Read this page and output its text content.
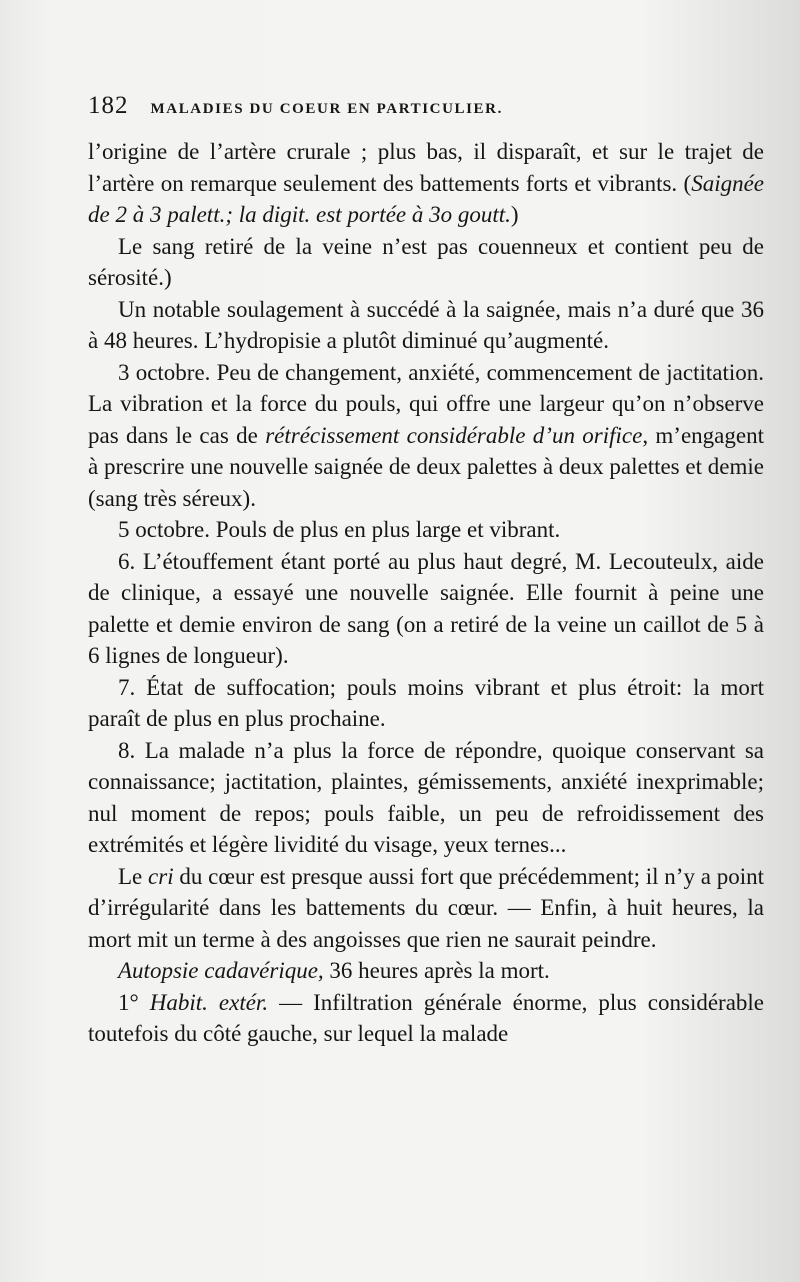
182 MALADIES DU COEUR EN PARTICULIER.

l’origine de l’artère crurale ; plus bas, il disparaît, et sur le trajet de l’artère on remarque seulement des battements forts et vibrants. (Saignée de 2 à 3 palett.; la digit. est portée à 3o goutt.)

Le sang retiré de la veine n’est pas couenneux et contient peu de sérosité.)

Un notable soulagement à succédé à la saignée, mais n’a duré que 36 à 48 heures. L’hydropisie a plutôt diminué qu’augmenté.

3 octobre. Peu de changement, anxiété, commencement de jactitation. La vibration et la force du pouls, qui offre une largeur qu’on n’observe pas dans le cas de rétrécissement considérable d’un orifice, m’engagent à prescrire une nouvelle saignée de deux palettes à deux palettes et demie (sang très séreux).

5 octobre. Pouls de plus en plus large et vibrant.

6. L’étouffement étant porté au plus haut degré, M. Lecouteulx, aide de clinique, a essayé une nouvelle saignée. Elle fournit à peine une palette et demie environ de sang (on a retiré de la veine un caillot de 5 à 6 lignes de longueur).

7. État de suffocation; pouls moins vibrant et plus étroit: la mort paraît de plus en plus prochaine.

8. La malade n’a plus la force de répondre, quoique conservant sa connaissance; jactitation, plaintes, gémissements, anxiété inexprimable; nul moment de repos; pouls faible, un peu de refroidissement des extrémités et légère lividité du visage, yeux ternes...

Le cri du cœur est presque aussi fort que précédemment; il n’y a point d’irrégularité dans les battements du cœur. — Enfin, à huit heures, la mort mit un terme à des angoisses que rien ne saurait peindre.

Autopsie cadavérique, 36 heures après la mort.

1° Habit. extér. — Infiltration générale énorme, plus considérable toutefois du côté gauche, sur lequel la malade
